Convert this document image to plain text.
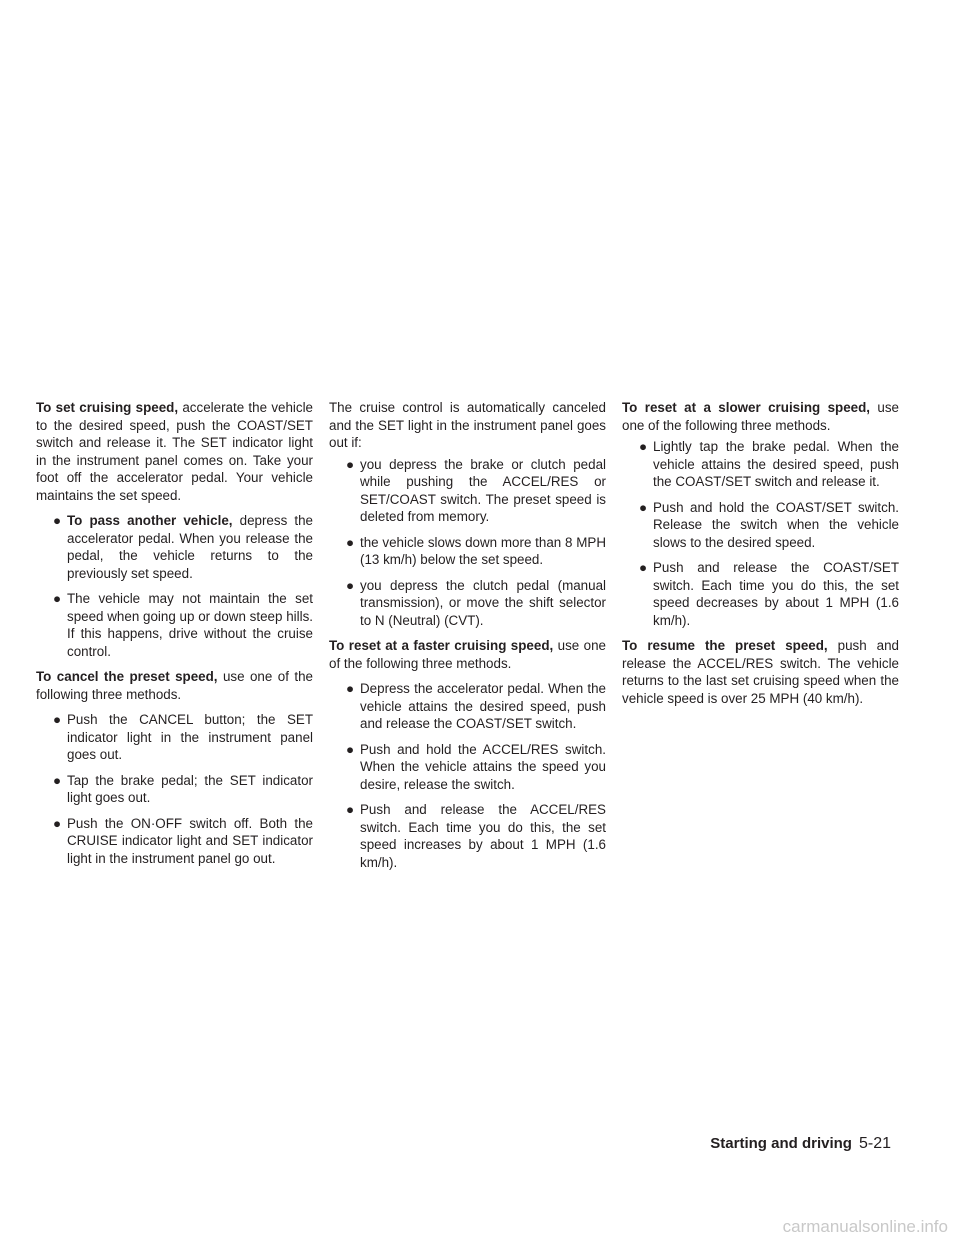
To set cruising speed, accelerate the vehicle to the desired speed, push the COAST/SET switch and release it. The SET indicator light in the instrument panel comes on. Take your foot off the accelerator pedal. Your vehicle maintains the set speed.

● To pass another vehicle, depress the accelerator pedal. When you release the pedal, the vehicle returns to the previously set speed.
● The vehicle may not maintain the set speed when going up or down steep hills. If this happens, drive without the cruise control.

To cancel the preset speed, use one of the following three methods.

● Push the CANCEL button; the SET indicator light in the instrument panel goes out.
● Tap the brake pedal; the SET indicator light goes out.
● Push the ON·OFF switch off. Both the CRUISE indicator light and SET indicator light in the instrument panel go out.

The cruise control is automatically canceled and the SET light in the instrument panel goes out if:

● you depress the brake or clutch pedal while pushing the ACCEL/RES or SET/COAST switch. The preset speed is deleted from memory.
● the vehicle slows down more than 8 MPH (13 km/h) below the set speed.
● you depress the clutch pedal (manual transmission), or move the shift selector to N (Neutral) (CVT).

To reset at a faster cruising speed, use one of the following three methods.

● Depress the accelerator pedal. When the vehicle attains the desired speed, push and release the COAST/SET switch.
● Push and hold the ACCEL/RES switch. When the vehicle attains the speed you desire, release the switch.
● Push and release the ACCEL/RES switch. Each time you do this, the set speed increases by about 1 MPH (1.6 km/h).

To reset at a slower cruising speed, use one of the following three methods.

● Lightly tap the brake pedal. When the vehicle attains the desired speed, push the COAST/SET switch and release it.
● Push and hold the COAST/SET switch. Release the switch when the vehicle slows to the desired speed.
● Push and release the COAST/SET switch. Each time you do this, the set speed decreases by about 1 MPH (1.6 km/h).

To resume the preset speed, push and release the ACCEL/RES switch. The vehicle returns to the last set cruising speed when the vehicle speed is over 25 MPH (40 km/h).

Starting and driving 5-21
carmanualsonline.info
